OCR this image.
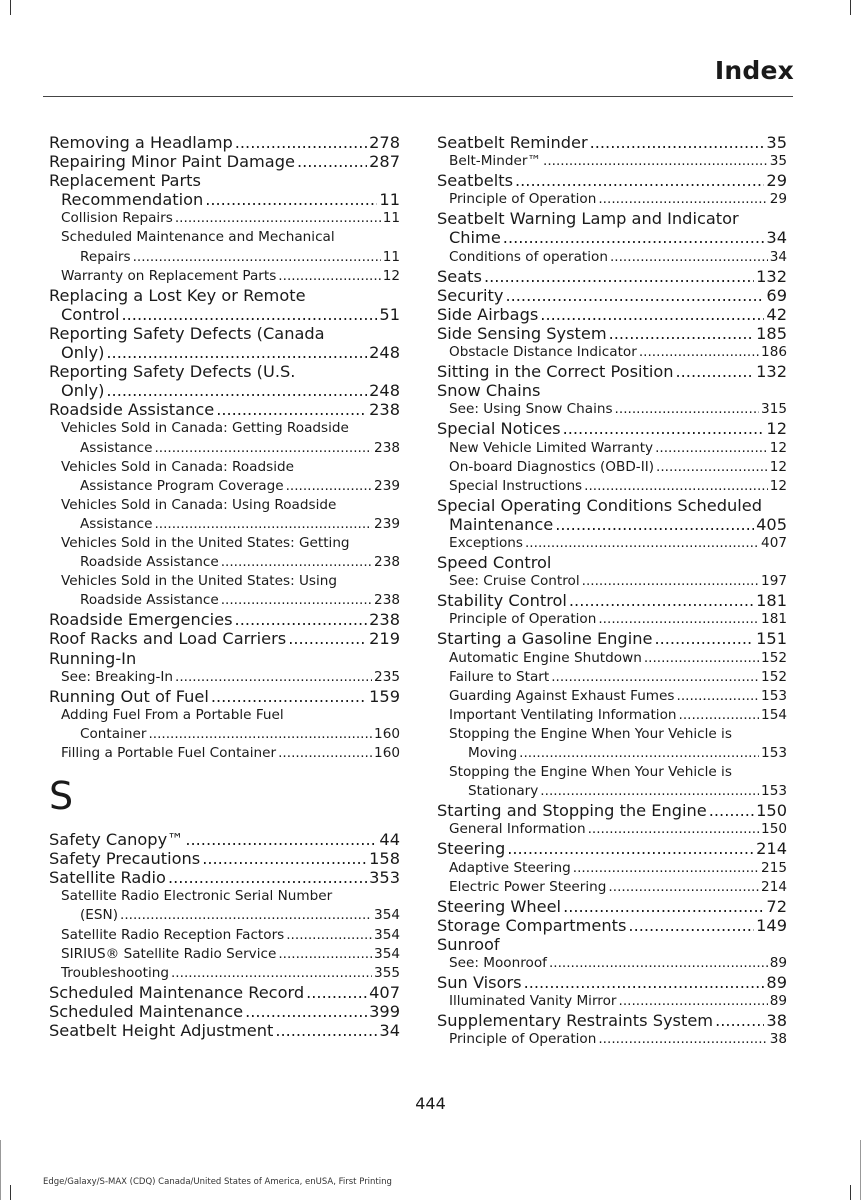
Index
Removing a Headlamp .....	278
Repairing Minor Paint Damage .....	287
Replacement Parts
Recommendation .....	11
Collision Repairs .....	11
Scheduled Maintenance and Mechanical
Repairs .....	11
Warranty on Replacement Parts .....	12
Replacing a Lost Key or Remote
Control .....	51
Reporting Safety Defects (Canada
Only) .....	248
Reporting Safety Defects (U.S.
Only) .....	248
Roadside Assistance .....	238
Vehicles Sold in Canada: Getting Roadside
Assistance .....	238
Vehicles Sold in Canada: Roadside
Assistance Program Coverage .....	239
Vehicles Sold in Canada: Using Roadside
Assistance .....	239
Vehicles Sold in the United States: Getting
Roadside Assistance .....	238
Vehicles Sold in the United States: Using
Roadside Assistance .....	238
Roadside Emergencies .....	238
Roof Racks and Load Carriers .....	219
Running-In
See: Breaking-In .....	235
Running Out of Fuel .....	159
Adding Fuel From a Portable Fuel
Container .....	160
Filling a Portable Fuel Container .....	160
S
Safety Canopy™ .....	44
Safety Precautions .....	158
Satellite Radio .....	353
Satellite Radio Electronic Serial Number
(ESN) .....	354
Satellite Radio Reception Factors .....	354
SIRIUS® Satellite Radio Service .....	354
Troubleshooting .....	355
Scheduled Maintenance Record .....	407
Scheduled Maintenance .....	399
Seatbelt Height Adjustment .....	34
Seatbelt Reminder .....	35
Belt-Minder™ .....	35
Seatbelts .....	29
Principle of Operation .....	29
Seatbelt Warning Lamp and Indicator
Chime .....	34
Conditions of operation .....	34
Seats .....	132
Security .....	69
Side Airbags .....	42
Side Sensing System .....	185
Obstacle Distance Indicator .....	186
Sitting in the Correct Position .....	132
Snow Chains
See: Using Snow Chains .....	315
Special Notices .....	12
New Vehicle Limited Warranty .....	12
On-board Diagnostics (OBD-II) .....	12
Special Instructions .....	12
Special Operating Conditions Scheduled
Maintenance .....	405
Exceptions .....	407
Speed Control
See: Cruise Control .....	197
Stability Control .....	181
Principle of Operation .....	181
Starting a Gasoline Engine .....	151
Automatic Engine Shutdown .....	152
Failure to Start .....	152
Guarding Against Exhaust Fumes .....	153
Important Ventilating Information .....	154
Stopping the Engine When Your Vehicle is
Moving .....	153
Stopping the Engine When Your Vehicle is
Stationary .....	153
Starting and Stopping the Engine .....	150
General Information .....	150
Steering .....	214
Adaptive Steering .....	215
Electric Power Steering .....	214
Steering Wheel .....	72
Storage Compartments .....	149
Sunroof
See: Moonroof .....	89
Sun Visors .....	89
Illuminated Vanity Mirror .....	89
Supplementary Restraints System .....	38
Principle of Operation .....	38
444
Edge/Galaxy/S-MAX (CDQ) Canada/United States of America, enUSA, First Printing
